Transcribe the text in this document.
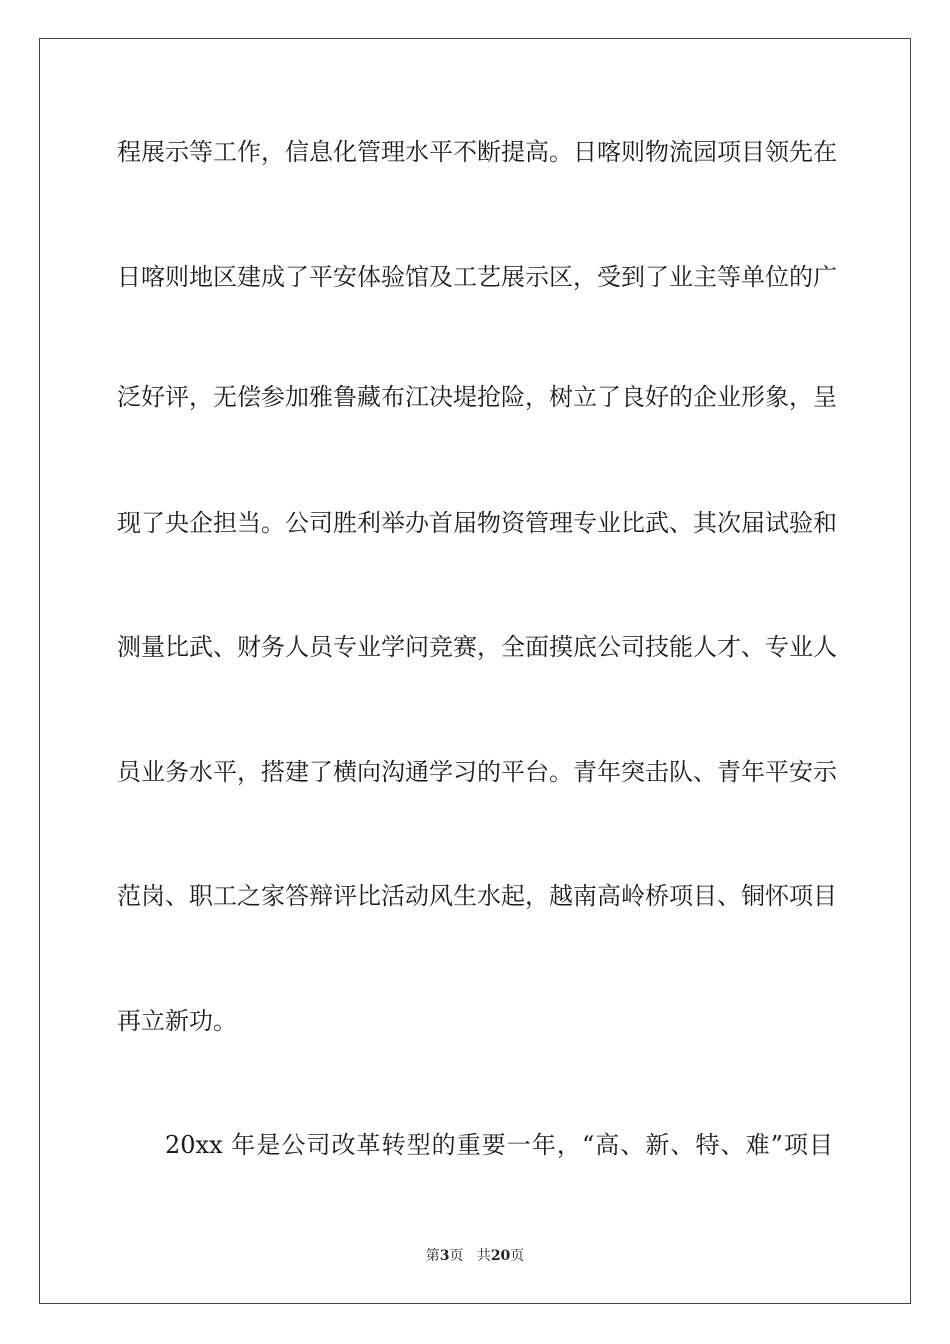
程展示等工作，信息化管理水平不断提高。日喀则物流园项目领先在
日喀则地区建成了平安体验馆及工艺展示区，受到了业主等单位的广
泛好评，无偿参加雅鲁藏布江决堤抢险，树立了良好的企业形象，呈
现了央企担当。公司胜利举办首届物资管理专业比武、其次届试验和
测量比武、财务人员专业学问竞赛，全面摸底公司技能人才、专业人
员业务水平，搭建了横向沟通学习的平台。青年突击队、青年平安示
范岗、职工之家答辩评比活动风生水起，越南高岭桥项目、铜怀项目
再立新功。
20xx 年是公司改革转型的重要一年，“高、新、特、难”项目
第3页 共20页
